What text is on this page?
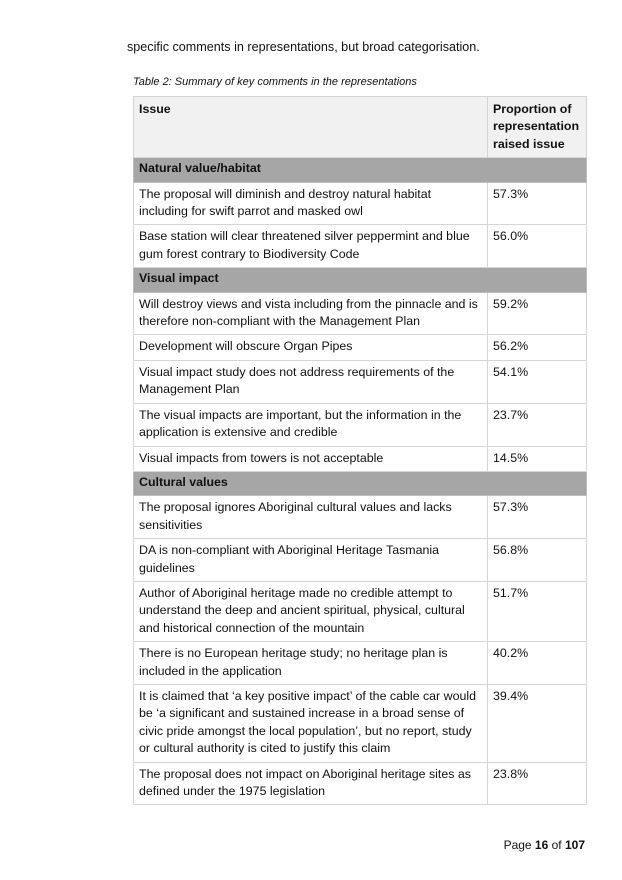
specific comments in representations, but broad categorisation.

Table 2: Summary of key comments in the representations

Issue	Proportion of representation raised issue
Natural value/habitat	
The proposal will diminish and destroy natural habitat including for swift parrot and masked owl	57.3%
Base station will clear threatened silver peppermint and blue gum forest contrary to Biodiversity Code	56.0%
Visual impact	
Will destroy views and vista including from the pinnacle and is therefore non-compliant with the Management Plan	59.2%
Development will obscure Organ Pipes	56.2%
Visual impact study does not address requirements of the Management Plan	54.1%
The visual impacts are important, but the information in the application is extensive and credible	23.7%
Visual impacts from towers is not acceptable	14.5%
Cultural values	
The proposal ignores Aboriginal cultural values and lacks sensitivities	57.3%
DA is non-compliant with Aboriginal Heritage Tasmania guidelines	56.8%
Author of Aboriginal heritage made no credible attempt to understand the deep and ancient spiritual, physical, cultural and historical connection of the mountain	51.7%
There is no European heritage study; no heritage plan is included in the application	40.2%
It is claimed that ‘a key positive impact’ of the cable car would be ‘a significant and sustained increase in a broad sense of civic pride amongst the local population’, but no report, study or cultural authority is cited to justify this claim	39.4%
The proposal does not impact on Aboriginal heritage sites as defined under the 1975 legislation	23.8%

Page 16 of 107
